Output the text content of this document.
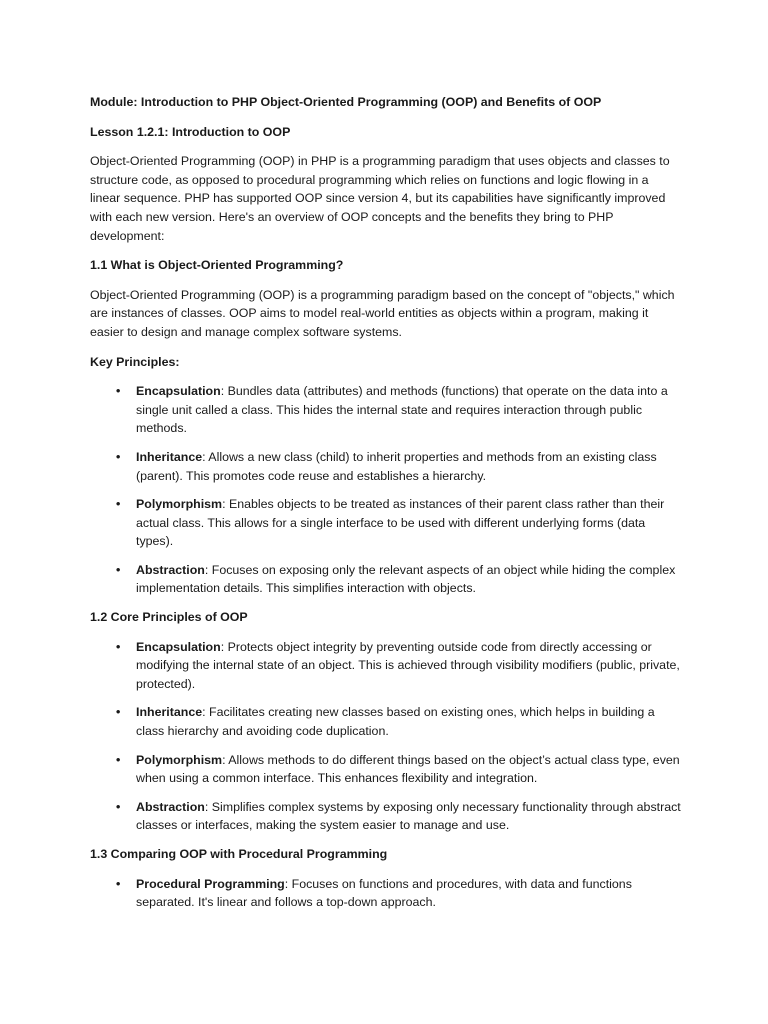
Module: Introduction to PHP Object-Oriented Programming (OOP) and Benefits of OOP

Lesson 1.2.1: Introduction to OOP

Object-Oriented Programming (OOP) in PHP is a programming paradigm that uses objects and classes to structure code, as opposed to procedural programming which relies on functions and logic flowing in a linear sequence. PHP has supported OOP since version 4, but its capabilities have significantly improved with each new version. Here's an overview of OOP concepts and the benefits they bring to PHP development:

1.1 What is Object-Oriented Programming?

Object-Oriented Programming (OOP) is a programming paradigm based on the concept of "objects," which are instances of classes. OOP aims to model real-world entities as objects within a program, making it easier to design and manage complex software systems.

Key Principles:

• Encapsulation: Bundles data (attributes) and methods (functions) that operate on the data into a single unit called a class. This hides the internal state and requires interaction through public methods.
• Inheritance: Allows a new class (child) to inherit properties and methods from an existing class (parent). This promotes code reuse and establishes a hierarchy.
• Polymorphism: Enables objects to be treated as instances of their parent class rather than their actual class. This allows for a single interface to be used with different underlying forms (data types).
• Abstraction: Focuses on exposing only the relevant aspects of an object while hiding the complex implementation details. This simplifies interaction with objects.

1.2 Core Principles of OOP

• Encapsulation: Protects object integrity by preventing outside code from directly accessing or modifying the internal state of an object. This is achieved through visibility modifiers (public, private, protected).
• Inheritance: Facilitates creating new classes based on existing ones, which helps in building a class hierarchy and avoiding code duplication.
• Polymorphism: Allows methods to do different things based on the object’s actual class type, even when using a common interface. This enhances flexibility and integration.
• Abstraction: Simplifies complex systems by exposing only necessary functionality through abstract classes or interfaces, making the system easier to manage and use.

1.3 Comparing OOP with Procedural Programming

• Procedural Programming: Focuses on functions and procedures, with data and functions separated. It's linear and follows a top-down approach.
